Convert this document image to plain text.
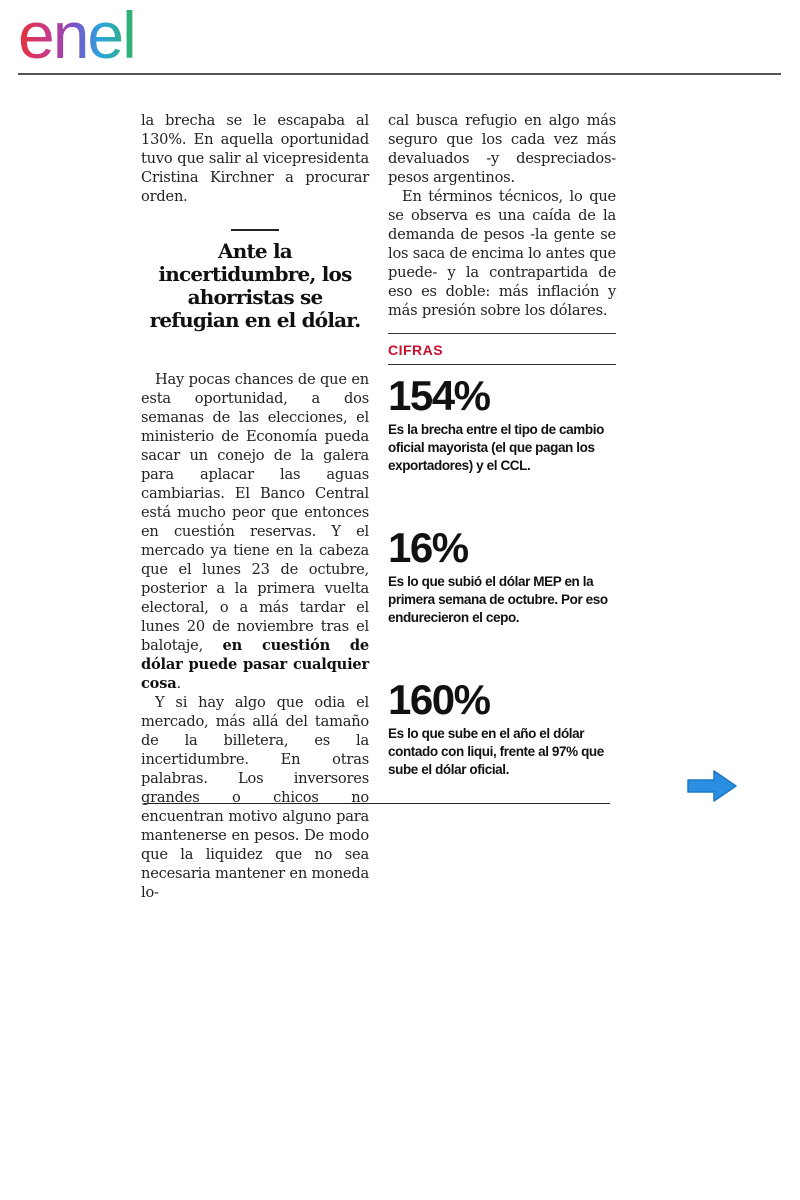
enel

la brecha se le escapaba al 130%. En aquella oportunidad tuvo que salir al vicepresidenta Cristina Kirchner a procurar orden.

Ante la incertidumbre, los ahorristas se refugian en el dólar.

Hay pocas chances de que en esta oportunidad, a dos semanas de las elecciones, el ministerio de Economía pueda sacar un conejo de la galera para aplacar las aguas cambiarias. El Banco Central está mucho peor que entonces en cuestión reservas. Y el mercado ya tiene en la cabeza que el lunes 23 de octubre, posterior a la primera vuelta electoral, o a más tardar el lunes 20 de noviembre tras el balotaje, en cuestión de dólar puede pasar cualquier cosa.

Y si hay algo que odia el mercado, más allá del tamaño de la billetera, es la incertidumbre. En otras palabras. Los inversores grandes o chicos no encuentran motivo alguno para mantenerse en pesos. De modo que la liquidez que no sea necesaria mantener en moneda lo-

cal busca refugio en algo más seguro que los cada vez más devaluados -y despreciados- pesos argentinos.

En términos técnicos, lo que se observa es una caída de la demanda de pesos -la gente se los saca de encima lo antes que puede- y la contrapartida de eso es doble: más inflación y más presión sobre los dólares.

CIFRAS
154%
Es la brecha entre el tipo de cambio oficial mayorista (el que pagan los exportadores) y el CCL.
16%
Es lo que subió el dólar MEP en la primera semana de octubre. Por eso endurecieron el cepo.
160%
Es lo que sube en el año el dólar contado con liqui, frente al 97% que sube el dólar oficial.
